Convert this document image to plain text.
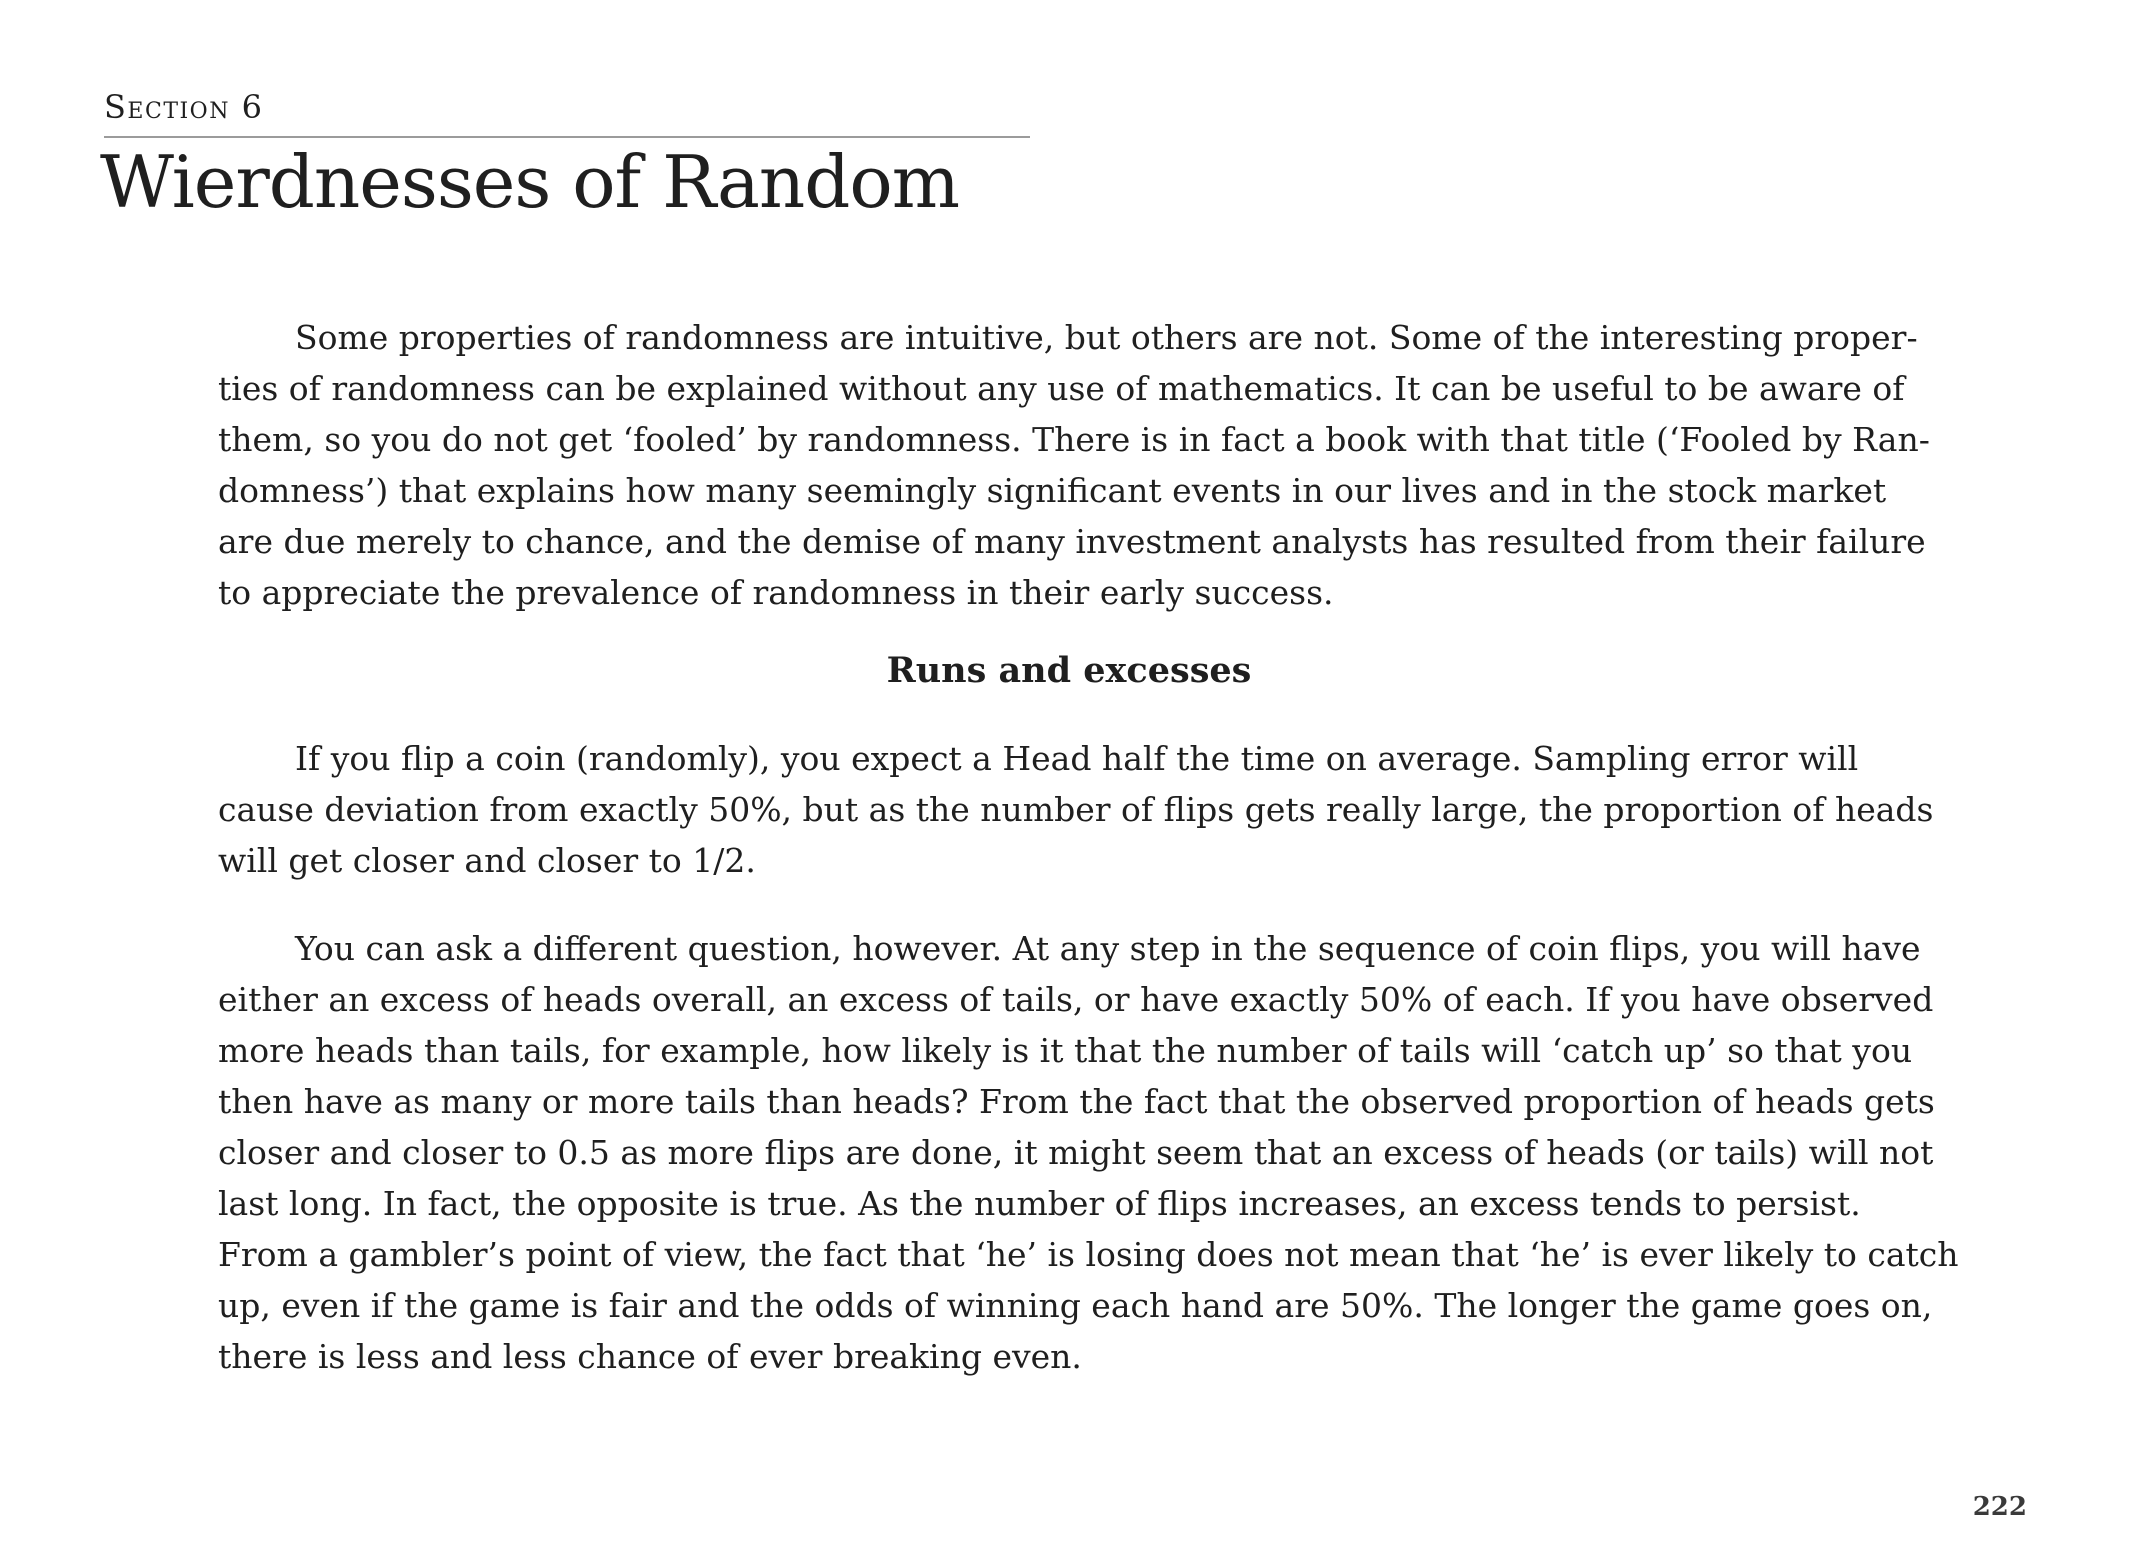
Section 6
Wierdnesses of Random
Some properties of randomness are intuitive, but others are not. Some of the interesting proper-
ties of randomness can be explained without any use of mathematics. It can be useful to be aware of
them, so you do not get ‘fooled’ by randomness. There is in fact a book with that title (‘Fooled by Ran-
domness’) that explains how many seemingly significant events in our lives and in the stock market
are due merely to chance, and the demise of many investment analysts has resulted from their failure
to appreciate the prevalence of randomness in their early success.
Runs and excesses
If you flip a coin (randomly), you expect a Head half the time on average. Sampling error will
cause deviation from exactly 50%, but as the number of flips gets really large, the proportion of heads
will get closer and closer to 1/2.
You can ask a different question, however. At any step in the sequence of coin flips, you will have
either an excess of heads overall, an excess of tails, or have exactly 50% of each. If you have observed
more heads than tails, for example, how likely is it that the number of tails will ‘catch up’ so that you
then have as many or more tails than heads? From the fact that the observed proportion of heads gets
closer and closer to 0.5 as more flips are done, it might seem that an excess of heads (or tails) will not
last long. In fact, the opposite is true. As the number of flips increases, an excess tends to persist.
From a gambler’s point of view, the fact that ‘he’ is losing does not mean that ‘he’ is ever likely to catch
up, even if the game is fair and the odds of winning each hand are 50%. The longer the game goes on,
there is less and less chance of ever breaking even.
222
